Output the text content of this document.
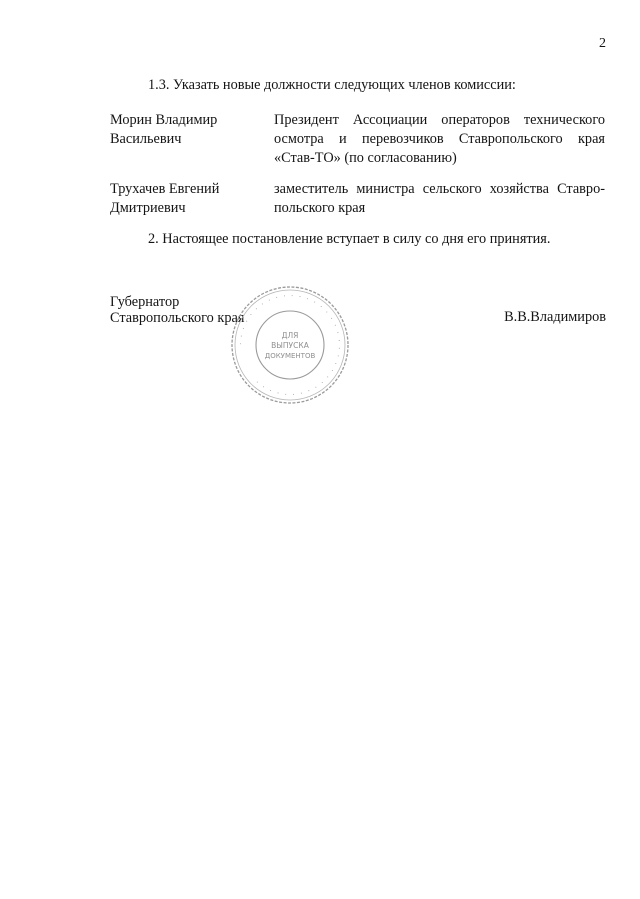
2
1.3. Указать новые должности следующих членов комиссии:
Морин Владимир
Васильевич
Президент Ассоциации операторов технического
осмотра и перевозчиков Ставропольского края
«Став-ТО» (по согласованию)
Трухачев Евгений
Дмитриевич
заместитель министра сельского хозяйства Ставро-
польского края
2. Настоящее постановление вступает в силу со дня его принятия.
Губернатор
Ставропольского края
· · · · · · · · · · · · · · · · · · · · · · · · · · · · · · · · · · ·
ДЛЯ
ВЫПУСКА
ДОКУМЕНТОВ
В.В.Владимиров
